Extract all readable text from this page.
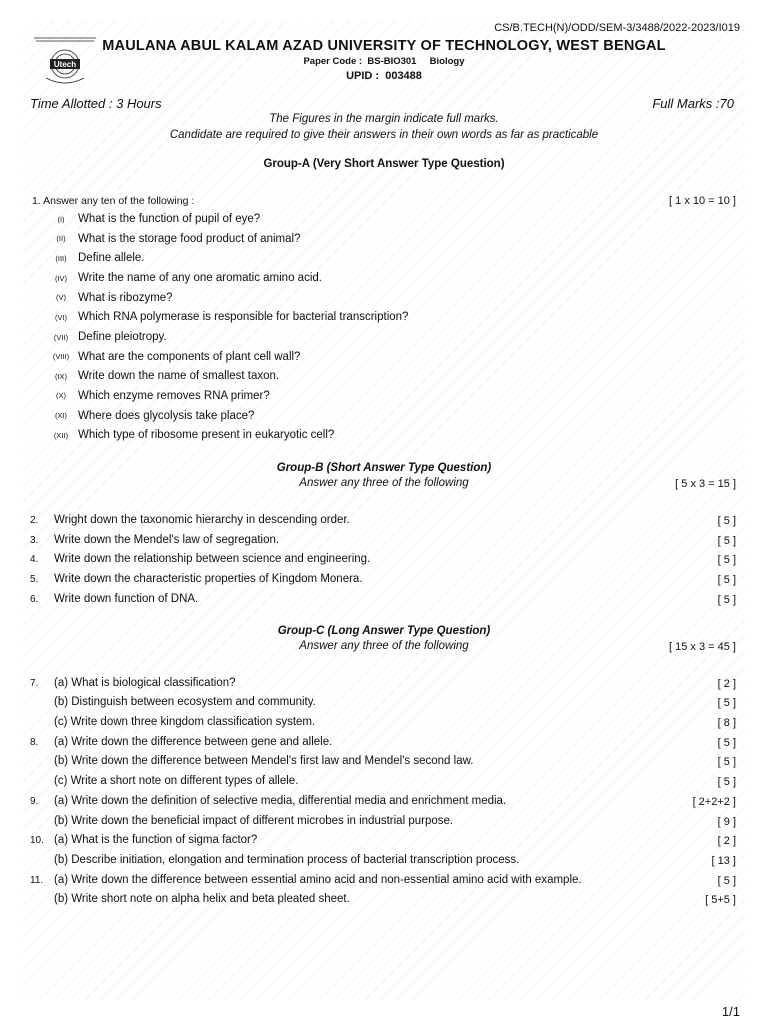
CS/B.TECH(N)/ODD/SEM-3/3488/2022-2023/I019
Utech
MAULANA ABUL KALAM AZAD UNIVERSITY OF TECHNOLOGY, WEST BENGAL
Paper Code : BS-BIO301 Biology
UPID : 003488
Time Allotted : 3 Hours	Full Marks :70
The Figures in the margin indicate full marks.
Candidate are required to give their answers in their own words as far as practicable
Group-A (Very Short Answer Type Question)
1. Answer any ten of the following :	[ 1 x 10 = 10 ]
(I)	What is the function of pupil of eye?
(II)	What is the storage food product of animal?
(III) Define allele.
(IV) Write the name of any one aromatic amino acid.
(V)	What is ribozyme?
(VI) Which RNA polymerase is responsible for bacterial transcription?
(VII) Define pleiotropy.
(VIII) What are the components of plant cell wall?
(IX) Write down the name of smallest taxon.
(X)	Which enzyme removes RNA primer?
(XI) Where does glycolysis take place?
(XII) Which type of ribosome present in eukaryotic cell?
Group-B (Short Answer Type Question)
Answer any three of the following	[ 5 x 3 = 15 ]
2. Wright down the taxonomic hierarchy in descending order.	[ 5 ]
3. Write down the Mendel's law of segregation.	[ 5 ]
4. Write down the relationship between science and engineering.	[ 5 ]
5. Write down the characteristic properties of Kingdom Monera.	[ 5 ]
6. Write down function of DNA.	[ 5 ]
Group-C (Long Answer Type Question)
Answer any three of the following	[ 15 x 3 = 45 ]
7. (a) What is biological classification?	[ 2 ]
(b) Distinguish between ecosystem and community.	[ 5 ]
(c) Write down three kingdom classification system.	[ 8 ]
8. (a) Write down the difference between gene and allele.	[ 5 ]
(b) Write down the difference between Mendel's first law and Mendel's second law.	[ 5 ]
(c) Write a short note on different types of allele.	[ 5 ]
9. (a) Write down the definition of selective media, differential media and enrichment media.	[ 2+2+2 ]
(b) Write down the beneficial impact of different microbes in industrial purpose.	[ 9 ]
10. (a) What is the function of sigma factor?	[ 2 ]
(b) Describe initiation, elongation and termination process of bacterial transcription process.	[ 13 ]
11. (a) Write down the difference between essential amino acid and non-essential amino acid with example.	[ 5 ]
(b) Write short note on alpha helix and beta pleated sheet.	[ 5+5 ]
1/1
